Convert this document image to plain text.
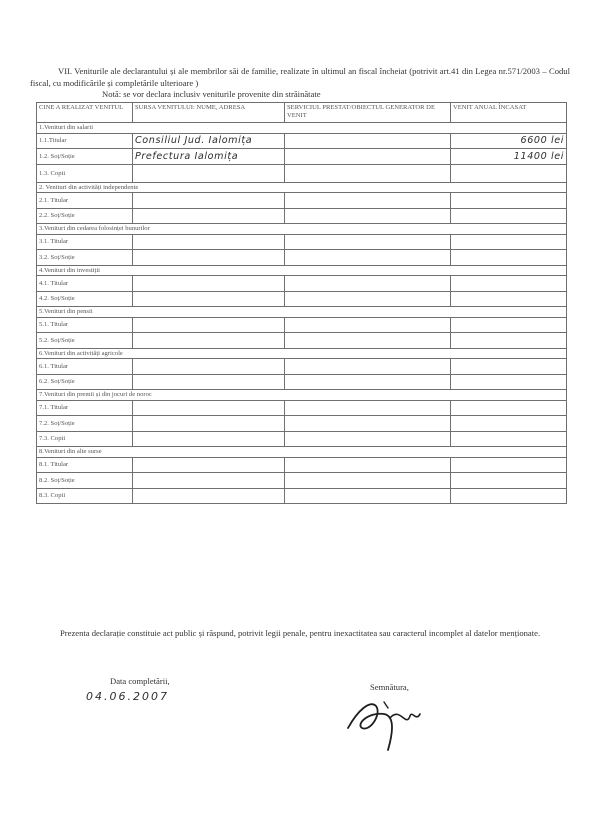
VII. Veniturile ale declarantului și ale membrilor săi de familie, realizate în ultimul an fiscal încheiat (potrivit art.41 din Legea nr.571/2003 – Codul fiscal, cu modificările și completările ulterioare )

Notă: se vor declara inclusiv veniturile provenite din străinătate

CINE A REALIZAT VENITUL	SURSA VENITULUI: NUME, ADRESA	SERVICIUL PRESTAT/OBIECTUL GENERATOR DE VENIT	VENIT ANUAL ÎNCASAT
1.Venituri din salarii			
1.1.Titular	Consiliul Jud. Ialomița		6600 lei
1.2. Soț/Soție	Prefectura Ialomița		11400 lei
1.3. Copii			
2. Venituri din activități independente			
2.1. Titular			
2.2. Soț/Soție			
3.Venituri din cedarea folosinței bunurilor			
3.1. Titular			
3.2. Soț/Soție			
4.Venituri din investiții			
4.1. Titular			
4.2. Soț/Soție			
5.Venituri din pensii			
5.1. Titular			
5.2. Soț/Soție			
6.Venituri din activități agricole			
6.1. Titular			
6.2. Soț/Soție			
7.Venituri din premii și din jocuri de noroc			
7.1. Titular			
7.2. Soț/Soție			
7.3. Copii			
8.Venituri din alte surse			
8.1. Titular			
8.2. Soț/Soție			
8.3. Copii			

Prezenta declarație constituie act public și răspund, potrivit legii penale, pentru inexactitatea sau caracterul incomplet al datelor menționate.

Data completării,
04.06.2007
Semnătura,
